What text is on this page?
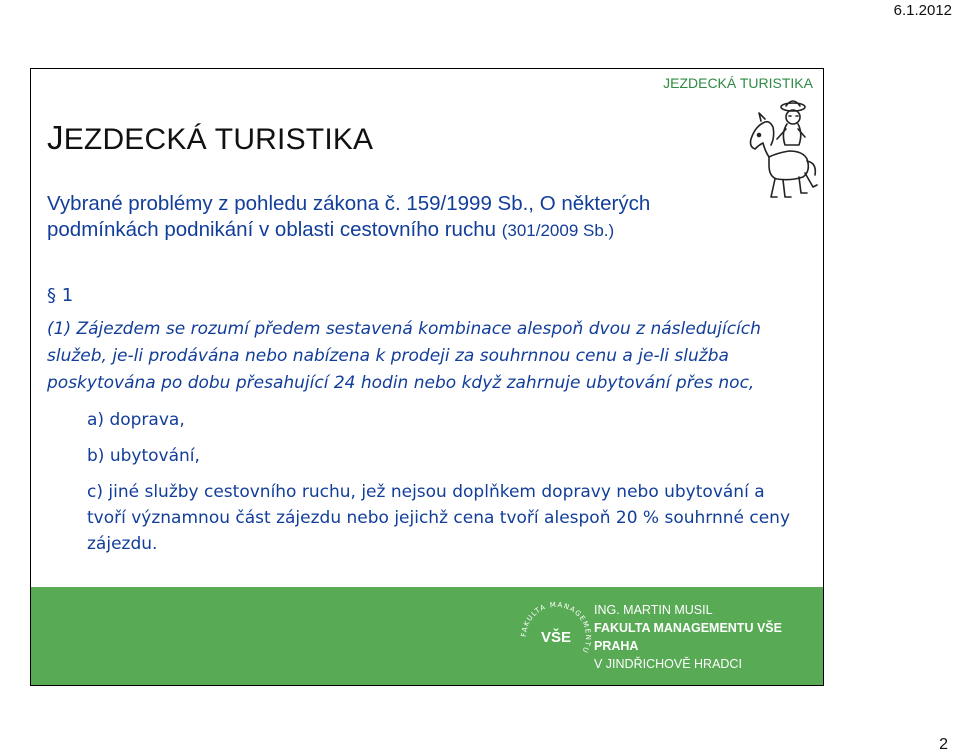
6.1.2012
JEZDECKÁ TURISTIKA
JEZDECKÁ TURISTIKA
Vybrané problémy z pohledu zákona č. 159/1999 Sb., O některých podmínkách podnikání v oblasti cestovního ruchu (301/2009 Sb.)

§ 1

(1) Zájezdem se rozumí předem sestavená kombinace alespoň dvou z následujících služeb, je-li prodávána nebo nabízena k prodeji za souhrnnou cenu a je-li služba poskytována po dobu přesahující 24 hodin nebo když zahrnuje ubytování přes noc,

a) doprava,
b) ubytování,
c) jiné služby cestovního ruchu, jež nejsou doplňkem dopravy nebo ubytování a tvoří významnou část zájezdu nebo jejichž cena tvoří alespoň 20 % souhrnné ceny zájezdu.
FAKULTA MANAGEMENTU
VŠE
ING. MARTIN MUSIL
FAKULTA MANAGEMENTU VŠE PRAHA
V JINDŘICHOVĚ HRADCI
2
